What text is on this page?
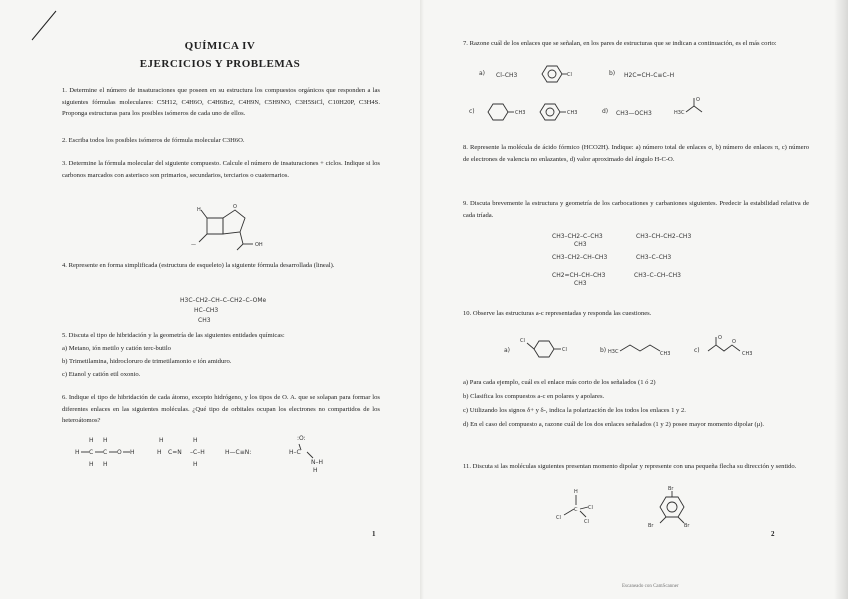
QUÍMICA IV
EJERCICIOS Y PROBLEMAS
1. Determine el número de insaturaciones que poseen en su estructura los compuestos orgánicos que responden a las siguientes fórmulas moleculares: C5H12, C4H6O, C4H6Br2, C4H9N, C5H9NO, C3H5SiCl, C10H20P, C3H4S. Proponga estructuras para los posibles isómeros de cada uno de ellos.
2. Escriba todos los posibles isómeros de fórmula molecular C3H6O.
3. Determine la fórmula molecular del siguiente compuesto. Calcule el número de insaturaciones + ciclos. Indique si los carbonos marcados con asterisco son primarios, secundarios, terciarios o cuaternarios.
H	O
OH
—
4. Represente en forma simplificada (estructura de esqueleto) la siguiente fórmula desarrollada (lineal).
H3C–CH2–CH–C–CH2–C–OMe
HC–CH3
CH3
5. Discuta el tipo de hibridación y la geometría de las siguientes entidades químicas:
a) Metano, ión metilo y catión terc-butilo
b) Trimetilamina, hidrocloruro de trimetilamonio e ión amiduro.
c) Etanol y catión etil oxonio.
6. Indique el tipo de hibridación de cada átomo, excepto hidrógeno, y los tipos de O. A. que se solapan para formar los diferentes enlaces en las siguientes moléculas. ¿Qué tipo de orbitales ocupan los electrones no compartidos de los heteroátomos?
H C C O H
H H
H H
H C=N –C–H
H	H
H
H—C≡N:
:O:
H–C
N–H
H
1
7. Razone cuál de los enlaces que se señalan, en los pares de estructuras que se indican a continuación, es el más corto:
a) Cl–CH3	Cl	b) H2C=CH–C≡C–H
c)	CH3	CH3	d) CH3—OCH3	H3C
O
8. Represente la molécula de ácido fórmico (HCO2H). Indique: a) número total de enlaces σ, b) número de enlaces π, c) número de electrones de valencia no enlazantes, d) valor aproximado del ángulo H-C-O.
9. Discuta brevemente la estructura y geometría de los carbocationes y carbaniones siguientes. Predecir la estabilidad relativa de cada tríada.
CH3–CH2–C–CH3
CH3
CH3–CH2–CH–CH3
CH2=CH–CH–CH3
CH3
CH3–CH–CH2–CH3
CH3–C–CH3
CH3–C–CH–CH3
10. Observe las estructuras a-c representadas y responda las cuestiones.
a)
Cl
Cl	b) H3C	CH3	c)
O
O
CH3
a) Para cada ejemplo, cuál es el enlace más corto de los señalados (1 ó 2)
b) Clasifica los compuestos a-c en polares y apolares.
c) Utilizando los signos δ+ y δ-, indica la polarización de los todos los enlaces 1 y 2.
d) En el caso del compuesto a, razone cuál de los dos enlaces señalados (1 y 2) posee mayor momento dipolar (μ).
11. Discuta si las moléculas siguientes presentan momento dipolar y represente con una pequeña flecha su dirección y sentido.
H
C
Cl
Cl
Cl
Br
Br	Br
2
Escaneado con CamScanner
